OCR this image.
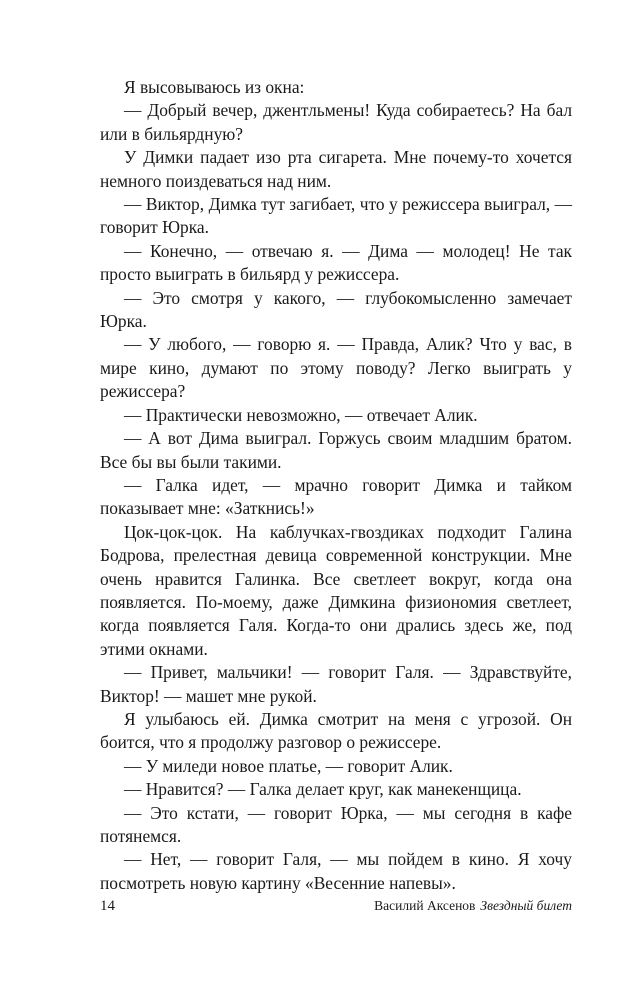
Я высовываюсь из окна:

— Добрый вечер, джентльмены! Куда собираетесь? На бал или в бильярдную?

У Димки падает изо рта сигарета. Мне почему-то хочется немного поиздеваться над ним.

— Виктор, Димка тут загибает, что у режиссера выиграл, — говорит Юрка.

— Конечно, — отвечаю я. — Дима — молодец! Не так просто выиграть в бильярд у режиссера.

— Это смотря у какого, — глубокомысленно замечает Юрка.

— У любого, — говорю я. — Правда, Алик? Что у вас, в мире кино, думают по этому поводу? Легко выиграть у режиссера?

— Практически невозможно, — отвечает Алик.

— А вот Дима выиграл. Горжусь своим младшим братом. Все бы вы были такими.

— Галка идет, — мрачно говорит Димка и тайком показывает мне: «Заткнись!»

Цок-цок-цок. На каблучках-гвоздиках подходит Галина Бодрова, прелестная девица современной конструкции. Мне очень нравится Галинка. Все светлеет вокруг, когда она появляется. По-моему, даже Димкина физиономия светлеет, когда появляется Галя. Когда-то они дрались здесь же, под этими окнами.

— Привет, мальчики! — говорит Галя. — Здравствуйте, Виктор! — машет мне рукой.

Я улыбаюсь ей. Димка смотрит на меня с угрозой. Он боится, что я продолжу разговор о режиссере.

— У миледи новое платье, — говорит Алик.

— Нравится? — Галка делает круг, как манекенщица.

— Это кстати, — говорит Юрка, — мы сегодня в кафе потянемся.

— Нет, — говорит Галя, — мы пойдем в кино. Я хочу посмотреть новую картину «Весенние напевы».

14	Василий Аксенов Звездный билет
